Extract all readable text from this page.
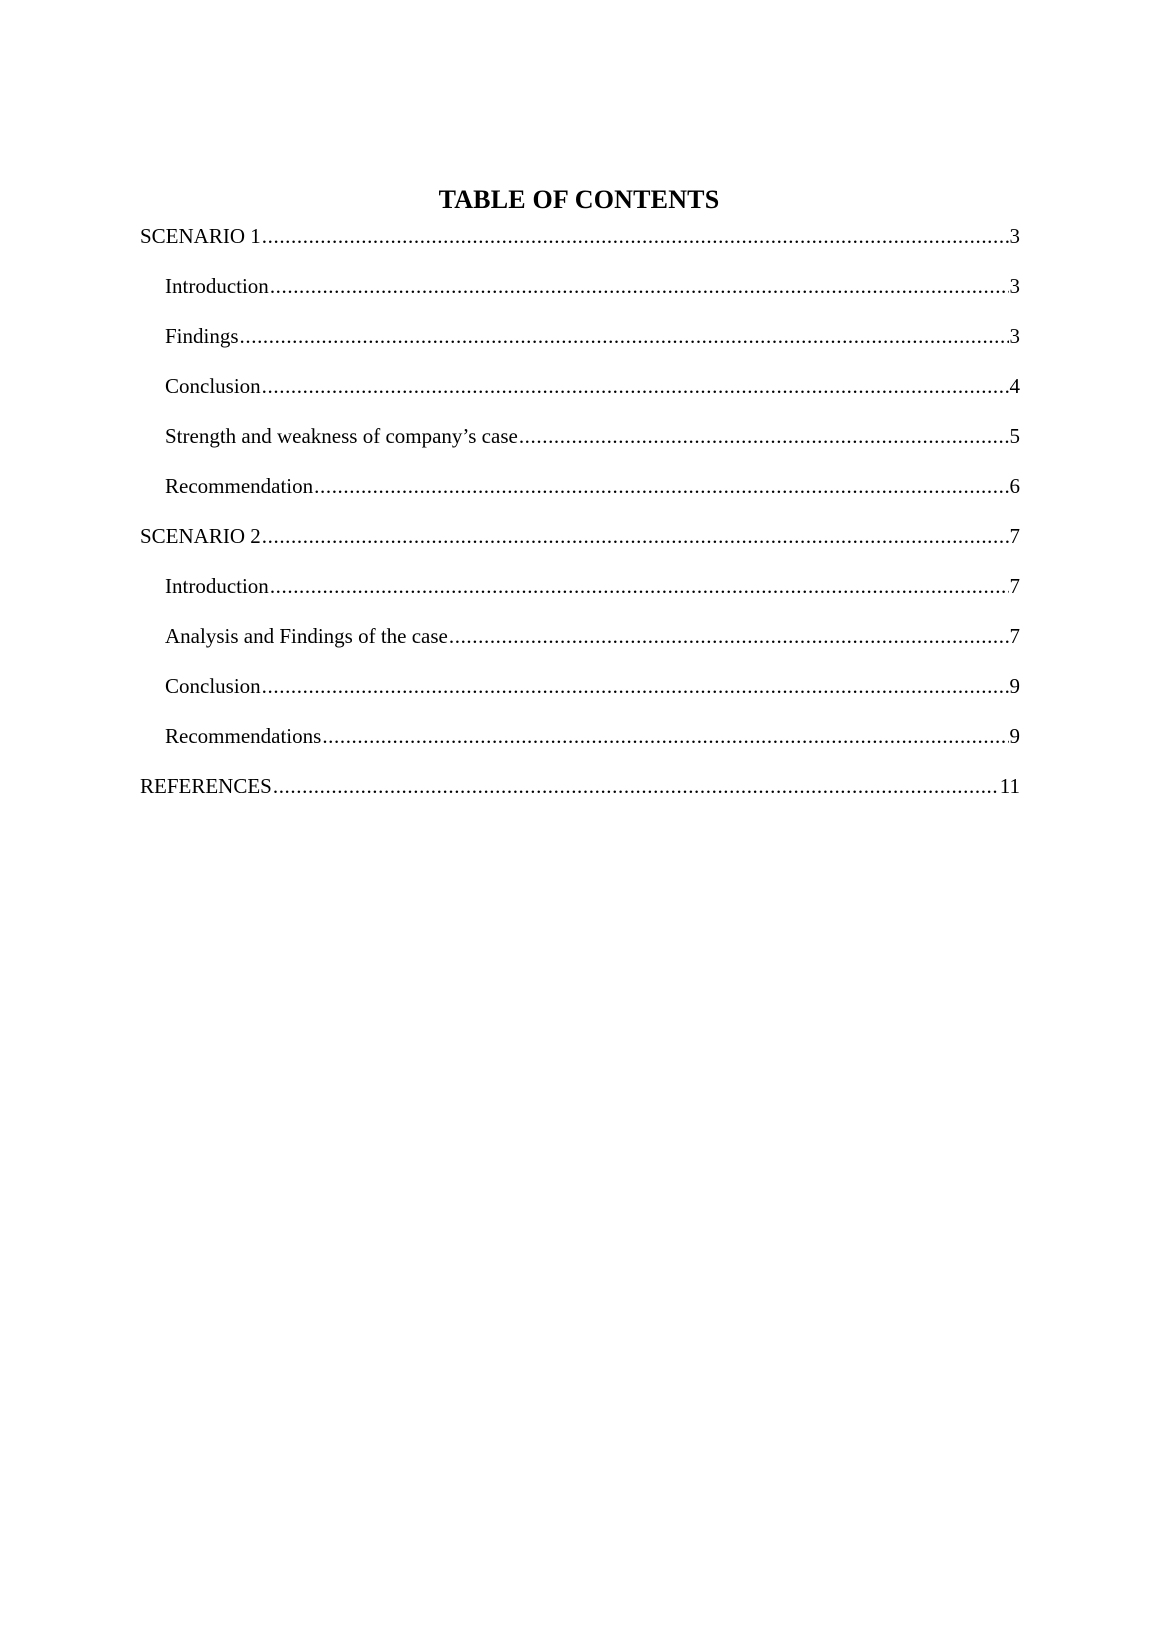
TABLE OF CONTENTS
SCENARIO 1 .....	3
Introduction .....	3
Findings .....	3
Conclusion .....	4
Strength and weakness of company’s case .....	5
Recommendation .....	6
SCENARIO 2 .....	7
Introduction .....	7
Analysis and Findings of the case .....	7
Conclusion .....	9
Recommendations .....	9
REFERENCES .....	11
